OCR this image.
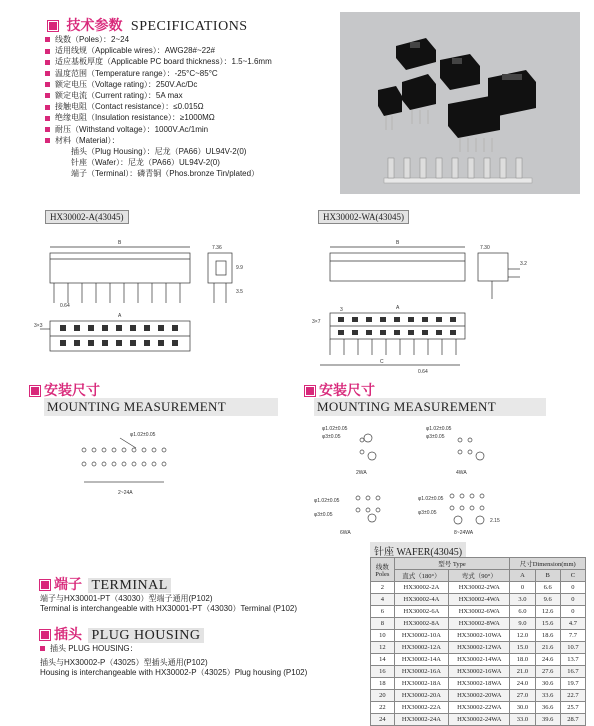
技术参数 SPECIFICATIONS
线数（Poles）：2~24
适用线规（Applicable wires）：AWG28#~22#
适应基板厚度（Applicable PC board thickness）：1.5~1.6mm
温度范围（Temperature range）：-25°C~85°C
额定电压（Voltage rating）：250V.Ac/Dc
额定电流（Current rating）：5A max
接触电阻（Contact resistance）：≤0.015Ω
绝缘电阻（Insulation resistance）：≥1000MΩ
耐压（Withstand voltage）：1000V.Ac/1min
材料（Material）：
插头（Plug Housing）：尼龙（PA66）UL94V-2(0)
针座（Wafer）：尼龙（PA66）UL94V-2(0)
端子（Terminal）：磷青铜（Phos.bronze Tin/plated）
HX30002-A(43045)	HX30002-WA(43045)
B
A
7.36
9.9
3.5
0.64
3×3
B
A
C
7.30
3.2
3
0.64
3×7
安装尺寸
MOUNTING MEASUREMENT
φ1.02±0.05
2~24A
安装尺寸
MOUNTING MEASUREMENT
φ1.02±0.05
φ3±0.05
2WA
φ1.02±0.05
φ3±0.05
4WA
φ1.02±0.05
φ3±0.05
6WA
φ1.02±0.05
φ3±0.05
2.15
8~24WA
端子 TERMINAL
端子与HX30001-PT（43030）型端子通用(P102)
Terminal is interchangeable with HX30001-PT（43030）Terminal (P102)
插头 PLUG HOUSING
插头 PLUG HOUSING：
插头与HX30002-P（43025）型插头通用(P102)
Housing is interchangeable with HX30002-P（43025）Plug housing (P102)
针座 WAFER(43045)
线数
Poles	型号 Type		尺寸Dimension(mm)		
	直式（180°）	弯式（90°）	A	B	C
2	HX30002-2A	HX30002-2WA	0	6.6	0
4	HX30002-4A	HX30002-4WA	3.0	9.6	0
6	HX30002-6A	HX30002-6WA	6.0	12.6	0
8	HX30002-8A	HX30002-8WA	9.0	15.6	4.7
10	HX30002-10A	HX30002-10WA	12.0	18.6	7.7
12	HX30002-12A	HX30002-12WA	15.0	21.6	10.7
14	HX30002-14A	HX30002-14WA	18.0	24.6	13.7
16	HX30002-16A	HX30002-16WA	21.0	27.6	16.7
18	HX30002-18A	HX30002-18WA	24.0	30.6	19.7
20	HX30002-20A	HX30002-20WA	27.0	33.6	22.7
22	HX30002-22A	HX30002-22WA	30.0	36.6	25.7
24	HX30002-24A	HX30002-24WA	33.0	39.6	28.7
